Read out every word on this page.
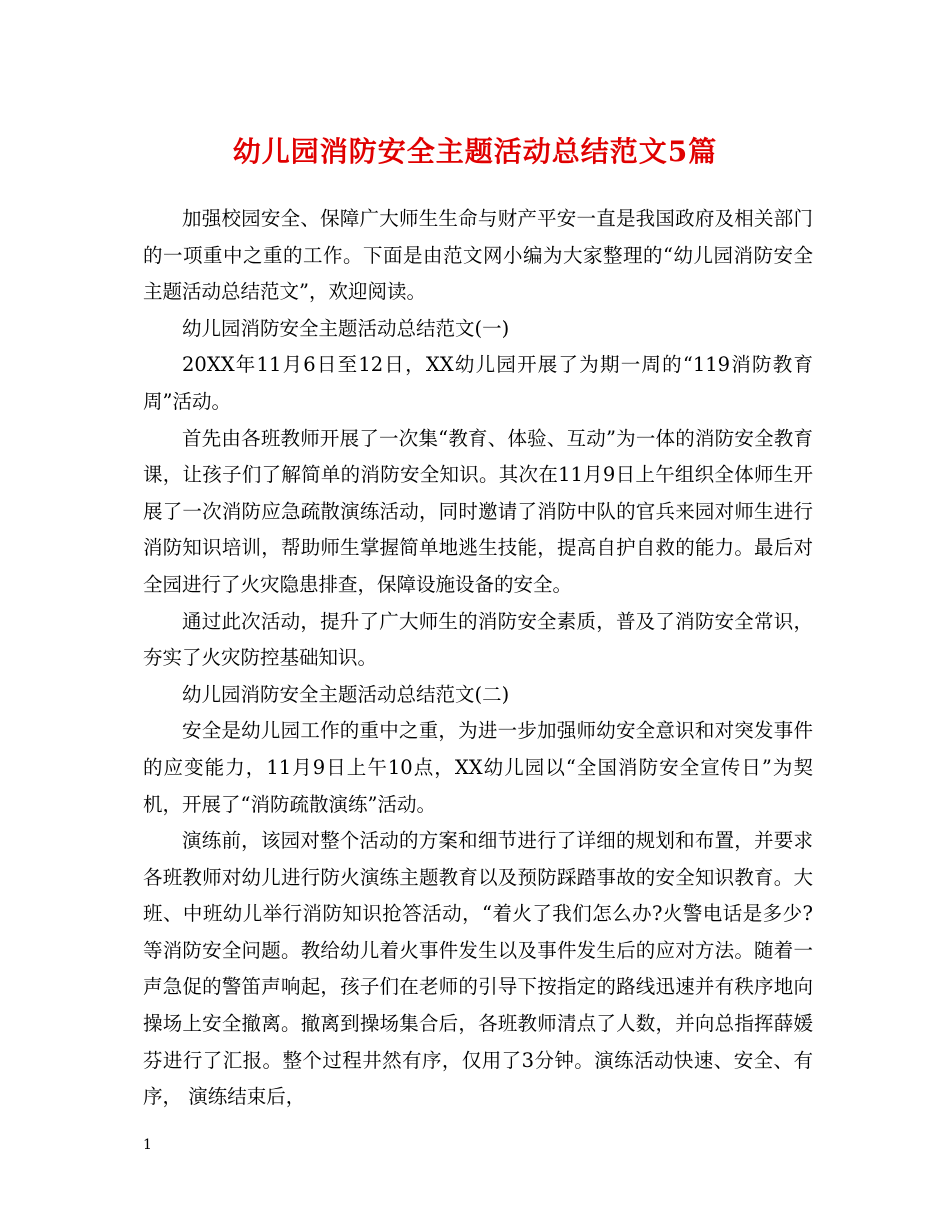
幼儿园消防安全主题活动总结范文5篇

加强校园安全、保障广大师生生命与财产平安一直是我国政府及相关部门的一项重中之重的工作。下面是由范文网小编为大家整理的“幼儿园消防安全主题活动总结范文”，欢迎阅读。

幼儿园消防安全主题活动总结范文(一)

20XX年11月6日至12日，XX幼儿园开展了为期一周的“119消防教育周”活动。

首先由各班教师开展了一次集“教育、体验、互动”为一体的消防安全教育课，让孩子们了解简单的消防安全知识。其次在11月9日上午组织全体师生开展了一次消防应急疏散演练活动，同时邀请了消防中队的官兵来园对师生进行消防知识培训，帮助师生掌握简单地逃生技能，提高自护自救的能力。最后对全园进行了火灾隐患排查，保障设施设备的安全。

通过此次活动，提升了广大师生的消防安全素质，普及了消防安全常识，夯实了火灾防控基础知识。

幼儿园消防安全主题活动总结范文(二)

安全是幼儿园工作的重中之重，为进一步加强师幼安全意识和对突发事件的应变能力，11月9日上午10点，XX幼儿园以“全国消防安全宣传日”为契机，开展了“消防疏散演练”活动。

演练前，该园对整个活动的方案和细节进行了详细的规划和布置，并要求各班教师对幼儿进行防火演练主题教育以及预防踩踏事故的安全知识教育。大班、中班幼儿举行消防知识抢答活动，“着火了我们怎么办?火警电话是多少?等消防安全问题。教给幼儿着火事件发生以及事件发生后的应对方法。随着一声急促的警笛声响起，孩子们在老师的引导下按指定的路线迅速并有秩序地向操场上安全撤离。撤离到操场集合后，各班教师清点了人数，并向总指挥薛媛芬进行了汇报。整个过程井然有序，仅用了3分钟。演练活动快速、安全、有序， 演练结束后，

1
